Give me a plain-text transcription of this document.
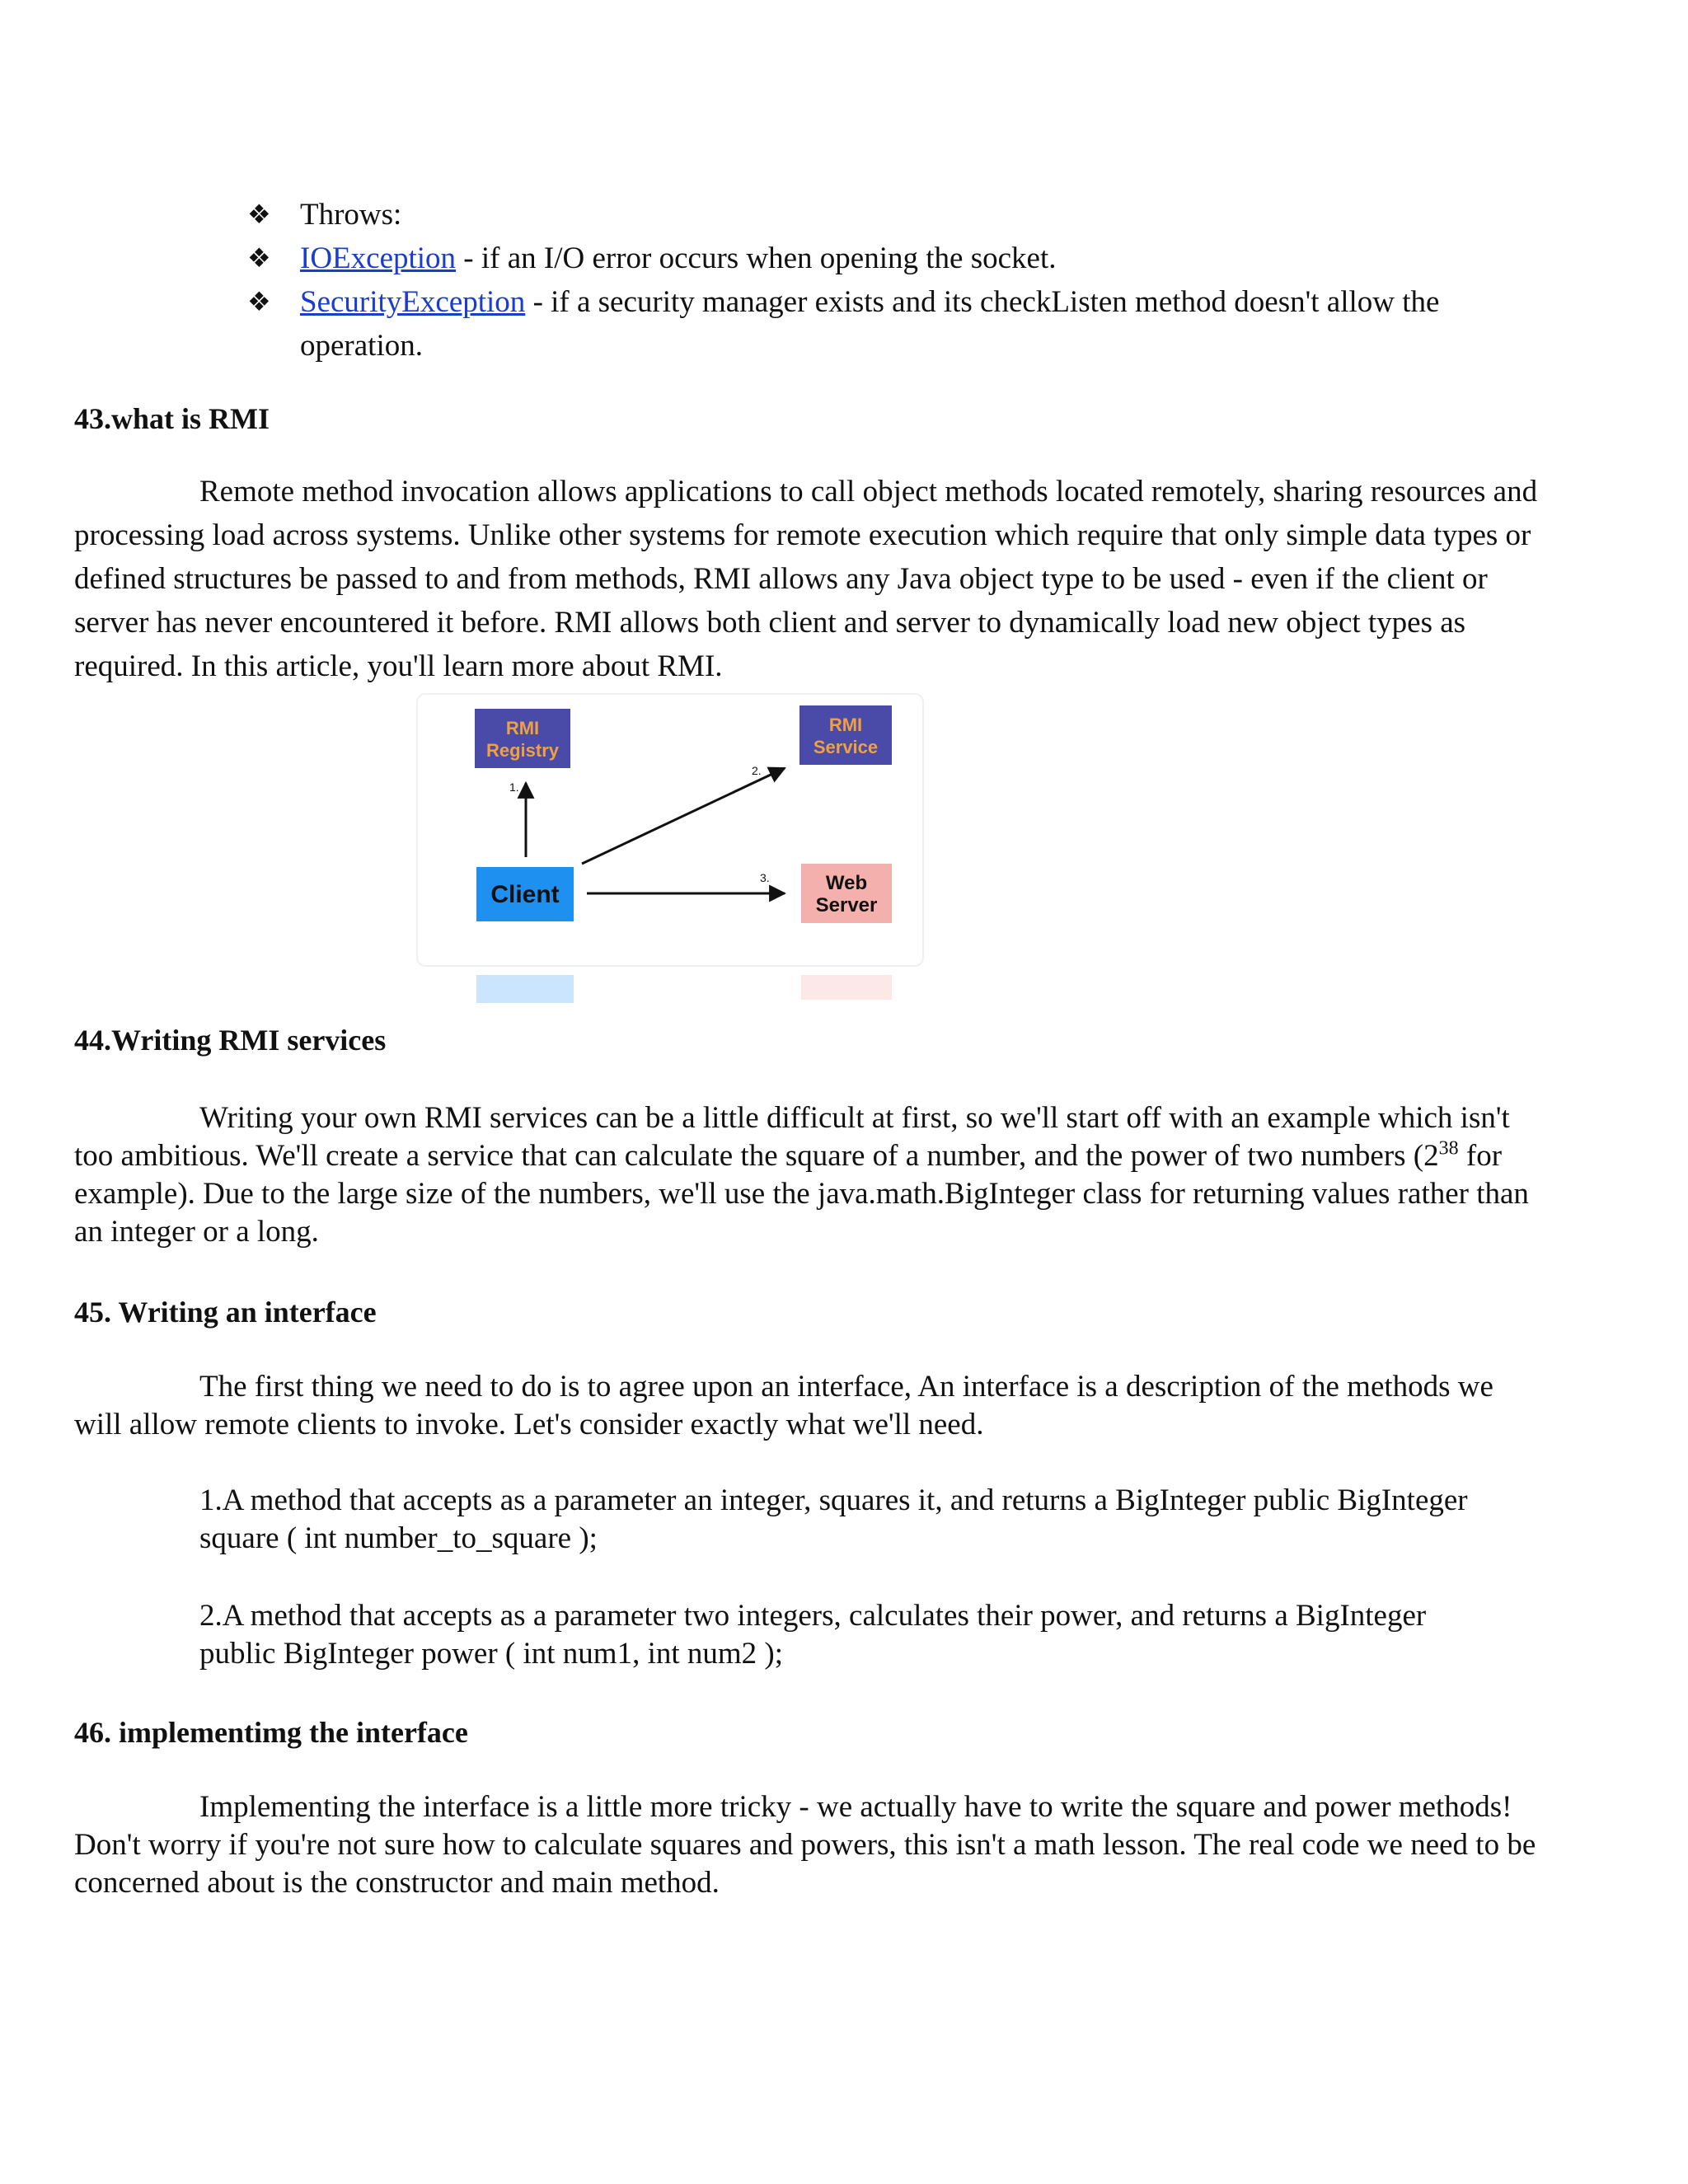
❖ Throws:
❖ IOException - if an I/O error occurs when opening the socket.
❖ SecurityException - if a security manager exists and its checkListen method doesn't allow the operation.
43.what is RMI

Remote method invocation allows applications to call object methods located remotely, sharing resources and processing load across systems. Unlike other systems for remote execution which require that only simple data types or defined structures be passed to and from methods, RMI allows any Java object type to be used - even if the client or server has never encountered it before. RMI allows both client and server to dynamically load new object types as required. In this article, you'll learn more about RMI.

RMI
Registry
RMI
Service
Client	Web
Server
1.
2.
3.
44.Writing RMI services

Writing your own RMI services can be a little difficult at first, so we'll start off with an example which isn't too ambitious. We'll create a service that can calculate the square of a number, and the power of two numbers ($2^{38}$ for example). Due to the large size of the numbers, we'll use the java.math.BigInteger class for returning values rather than an integer or a long.

45. Writing an interface

The first thing we need to do is to agree upon an interface, An interface is a description of the methods we will allow remote clients to invoke. Let's consider exactly what we'll need.

1.A method that accepts as a parameter an integer, squares it, and returns a BigInteger public BigInteger square ( int number_to_square );

2.A method that accepts as a parameter two integers, calculates their power, and returns a BigInteger public BigInteger power ( int num1, int num2 );

46. implementimg the interface

Implementing the interface is a little more tricky - we actually have to write the square and power methods! Don't worry if you're not sure how to calculate squares and powers, this isn't a math lesson. The real code we need to be concerned about is the constructor and main method.
